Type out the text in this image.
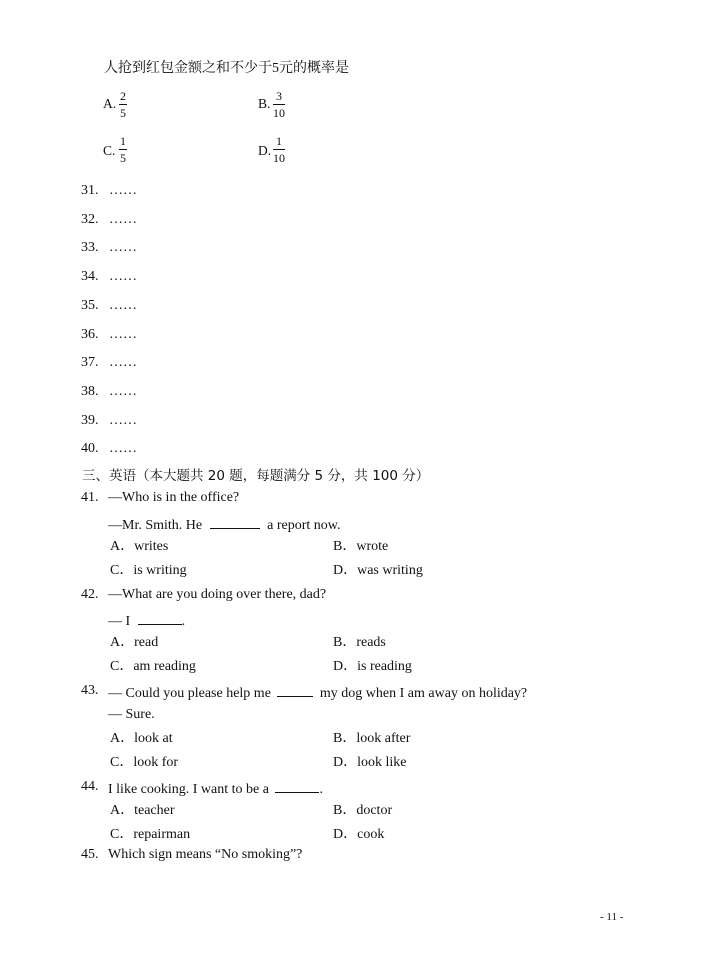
人抢到红包金额之和不少于5元的概率是
A. 2
5
B. 3
10
C.
1
5	D.
1
10
31. ……
32. ……
33. ……
34. ……
35. ……
36. ……
37. ……
38. ……
39. ……
40. ……
三、英语（本大题共 20 题，每题满分 5 分，共 100 分）
41. —Who is in the office?
—Mr. Smith. He	a report now.
A．writes	B．wrote
C．is writing	D．was writing
42. —What are you doing over there, dad?
— I	.
A．read	B．reads
C．am reading	D．is reading
43. — Could you please help me	my dog when I am away on holiday?
— Sure.
A．look at	B．look after
C．look for	D．look like
44. I like cooking. I want to be a	.
A．teacher	B．doctor
C．repairman	D．cook
45. Which sign means “No smoking”?
- 11 -
